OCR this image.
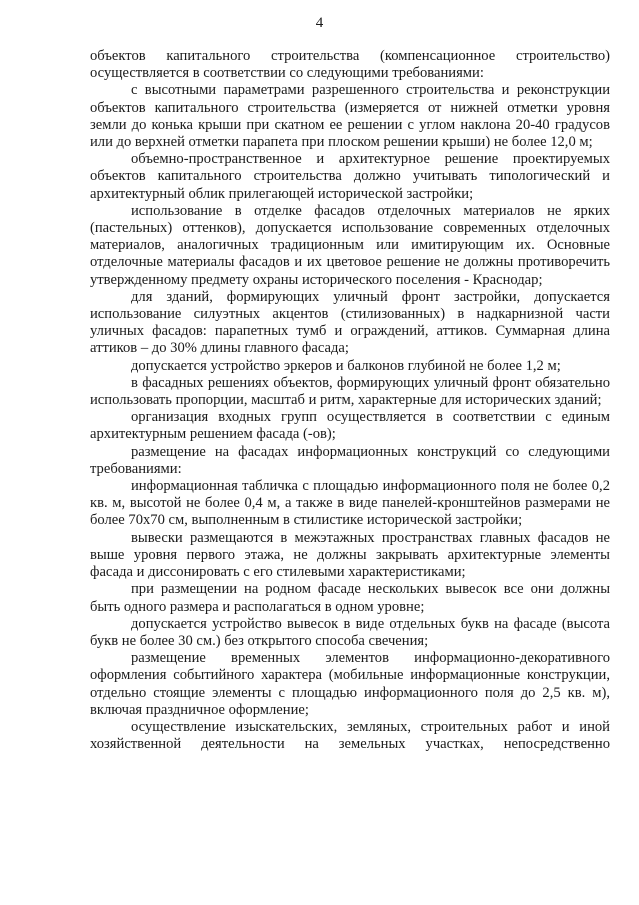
4

объектов капитального строительства (компенсационное строительство) осуществляется в соответствии со следующими требованиями:

с высотными параметрами разрешенного строительства и реконструкции объектов капитального строительства (измеряется от нижней отметки уровня земли до конька крыши при скатном ее решении с углом наклона 20-40 градусов или до верхней отметки парапета при плоском решении крыши) не более 12,0 м;

объемно-пространственное и архитектурное решение проектируемых объектов капитального строительства должно учитывать типологический и архитектурный облик прилегающей исторической застройки;

использование в отделке фасадов отделочных материалов не ярких (пастельных) оттенков), допускается использование современных отделочных материалов, аналогичных традиционным или имитирующим их. Основные отделочные материалы фасадов и их цветовое решение не должны противоречить утвержденному предмету охраны исторического поселения - Краснодар;

для зданий, формирующих уличный фронт застройки, допускается использование силуэтных акцентов (стилизованных) в надкарнизной части уличных фасадов: парапетных тумб и ограждений, аттиков. Суммарная длина аттиков – до 30% длины главного фасада;

допускается устройство эркеров и балконов глубиной не более 1,2 м;

в фасадных решениях объектов, формирующих уличный фронт обязательно использовать пропорции, масштаб и ритм, характерные для исторических зданий;

организация входных групп осуществляется в соответствии с единым архитектурным решением фасада (-ов);

размещение на фасадах информационных конструкций со следующими требованиями:

информационная табличка с площадью информационного поля не более 0,2 кв. м, высотой не более 0,4 м, а также в виде панелей-кронштейнов размерами не более 70х70 см, выполненным в стилистике исторической застройки;

вывески размещаются в межэтажных пространствах главных фасадов не выше уровня первого этажа, не должны закрывать архитектурные элементы фасада и диссонировать с его стилевыми характеристиками;

при размещении на родном фасаде нескольких вывесок все они должны быть одного размера и располагаться в одном уровне;

допускается устройство вывесок в виде отдельных букв на фасаде (высота букв не более 30 см.) без открытого способа свечения;

размещение временных элементов информационно-декоративного оформления событийного характера (мобильные информационные конструкции, отдельно стоящие элементы с площадью информационного поля до 2,5 кв. м), включая праздничное оформление;

осуществление изыскательских, земляных, строительных работ и иной хозяйственной деятельности на земельных участках, непосредственно
